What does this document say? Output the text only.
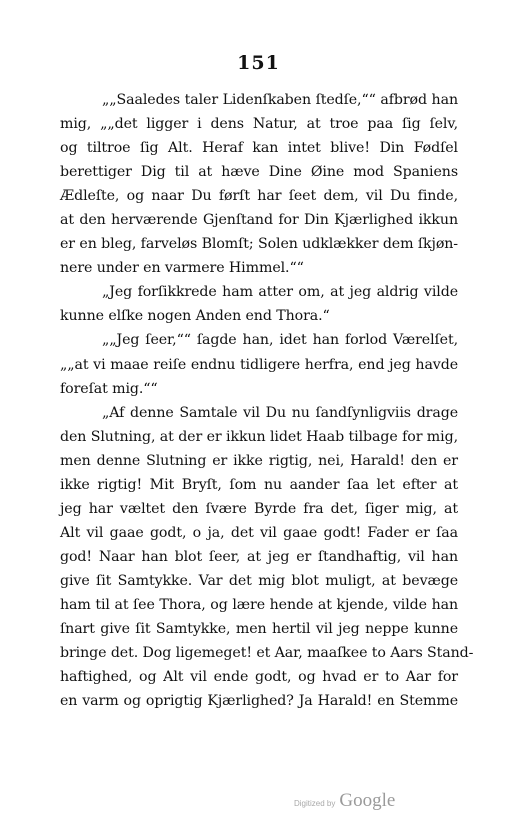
151
„„Saaledes taler Lidenſkaben ſtedſe,““ afbrød han
mig, „„det ligger i dens Natur, at troe paa ſig ſelv,
og tiltroe ſig Alt. Heraf kan intet blive! Din Fødſel
berettiger Dig til at hæve Dine Øine mod Spaniens
Ædleſte, og naar Du førſt har ſeet dem, vil Du finde,
at den herværende Gjenſtand for Din Kjærlighed ikkun
er en bleg, farveløs Blomſt; Solen udklækker dem ſkjøn-
nere under en varmere Himmel.““
„Jeg forſikkrede ham atter om, at jeg aldrig vilde
kunne elſke nogen Anden end Thora.“
„„Jeg ſeer,““ ſagde han, idet han forlod Værelſet,
„„at vi maae reiſe endnu tidligere herfra, end jeg havde
foreſat mig.““
„Af denne Samtale vil Du nu ſandſynligviis drage
den Slutning, at der er ikkun lidet Haab tilbage for mig,
men denne Slutning er ikke rigtig, nei, Harald! den er
ikke rigtig! Mit Bryſt, ſom nu aander ſaa let efter at
jeg har væltet den ſvære Byrde fra det, ſiger mig, at
Alt vil gaae godt, o ja, det vil gaae godt! Fader er ſaa
god! Naar han blot ſeer, at jeg er ſtandhaftig, vil han
give ſit Samtykke. Var det mig blot muligt, at bevæge
ham til at ſee Thora, og lære hende at kjende, vilde han
ſnart give ſit Samtykke, men hertil vil jeg neppe kunne
bringe det. Dog ligemeget! et Aar, maaſkee to Aars Stand-
haftighed, og Alt vil ende godt, og hvad er to Aar for
en varm og oprigtig Kjærlighed? Ja Harald! en Stemme
Digitized by Google
